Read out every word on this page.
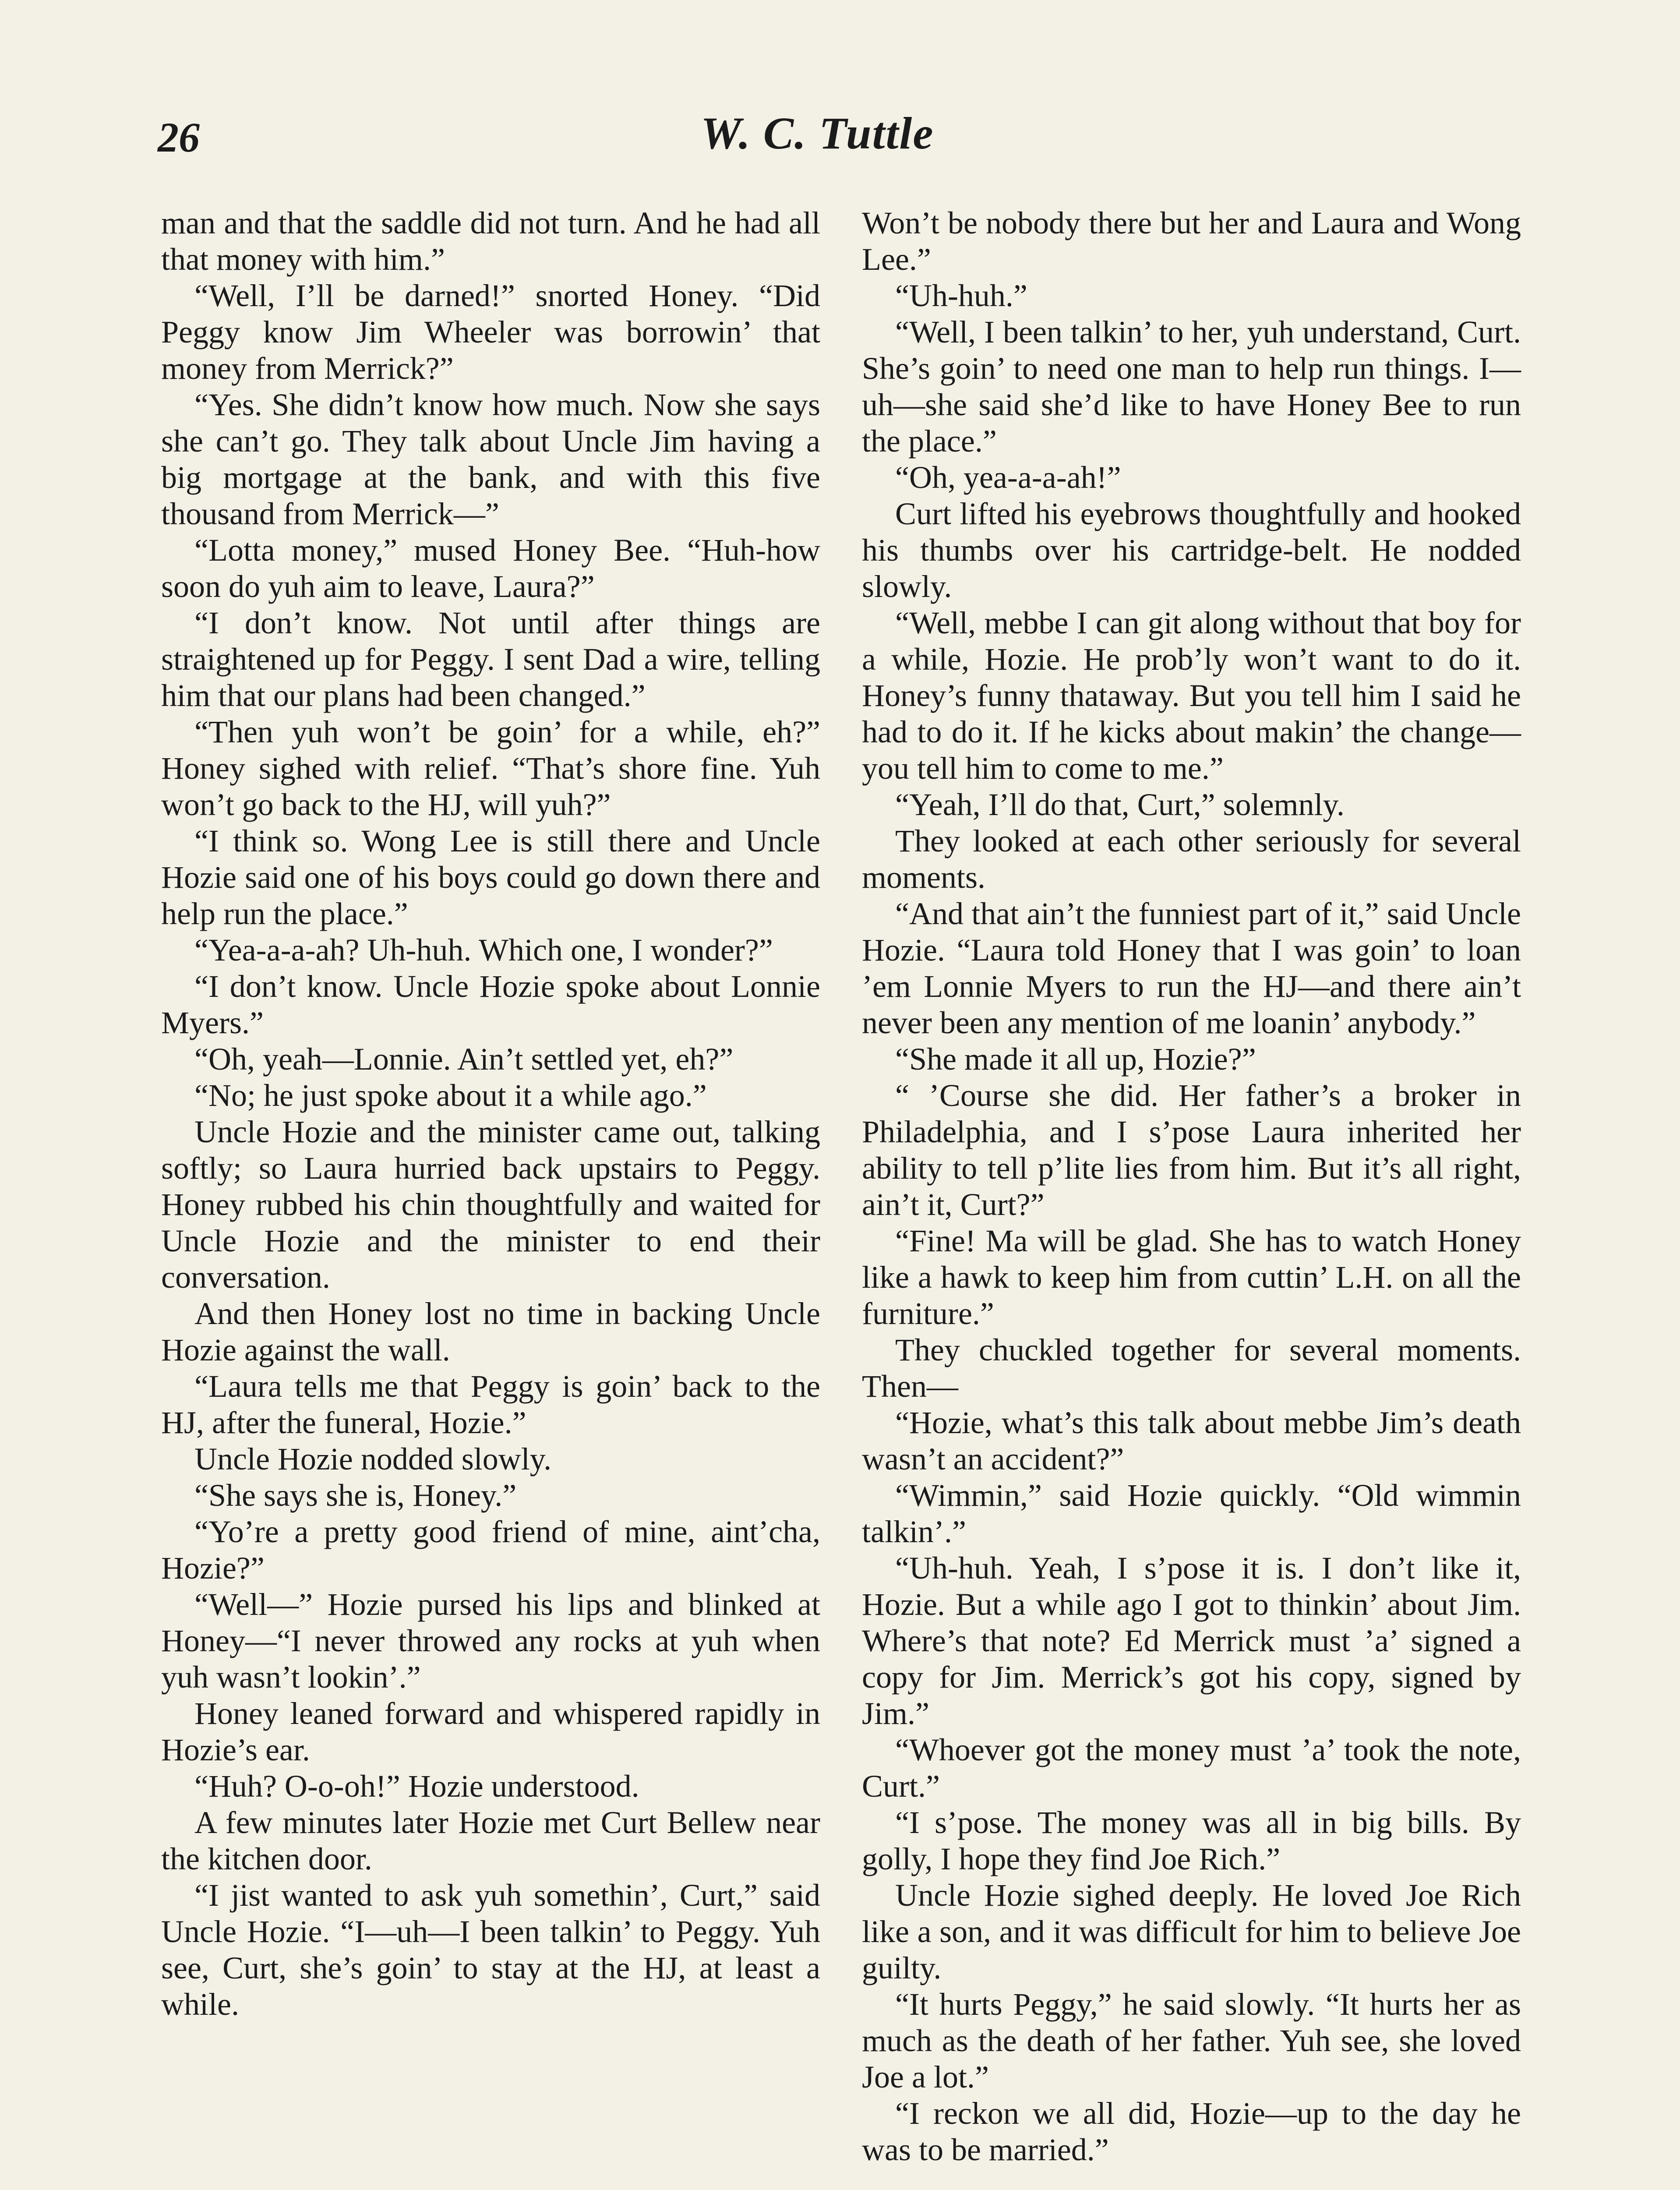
26	W. C. Tuttle

man and that the saddle did not turn. And he had all that money with him.”

“Well, I’ll be darned!” snorted Honey. “Did Peggy know Jim Wheeler was borrowin’ that money from Merrick?”

“Yes. She didn’t know how much. Now she says she can’t go. They talk about Uncle Jim having a big mortgage at the bank, and with this five thousand from Merrick—”

“Lotta money,” mused Honey Bee. “Huh-how soon do yuh aim to leave, Laura?”

“I don’t know. Not until after things are straightened up for Peggy. I sent Dad a wire, telling him that our plans had been changed.”

“Then yuh won’t be goin’ for a while, eh?” Honey sighed with relief. “That’s shore fine. Yuh won’t go back to the HJ, will yuh?”

“I think so. Wong Lee is still there and Uncle Hozie said one of his boys could go down there and help run the place.”

“Yea-a-a-ah? Uh-huh. Which one, I wonder?”

“I don’t know. Uncle Hozie spoke about Lonnie Myers.”

“Oh, yeah—Lonnie. Ain’t settled yet, eh?”

“No; he just spoke about it a while ago.”

Uncle Hozie and the minister came out, talking softly; so Laura hurried back upstairs to Peggy. Honey rubbed his chin thoughtfully and waited for Uncle Hozie and the minister to end their conversation.

And then Honey lost no time in backing Uncle Hozie against the wall.

“Laura tells me that Peggy is goin’ back to the HJ, after the funeral, Hozie.”

Uncle Hozie nodded slowly.

“She says she is, Honey.”

“Yo’re a pretty good friend of mine, aint’cha, Hozie?”

“Well—” Hozie pursed his lips and blinked at Honey—“I never throwed any rocks at yuh when yuh wasn’t lookin’.”

Honey leaned forward and whispered rapidly in Hozie’s ear.

“Huh? O-o-oh!” Hozie understood.

A few minutes later Hozie met Curt Bellew near the kitchen door.

“I jist wanted to ask yuh somethin’, Curt,” said Uncle Hozie. “I—uh—I been talkin’ to Peggy. Yuh see, Curt, she’s goin’ to stay at the HJ, at least a while.

Won’t be nobody there but her and Laura and Wong Lee.”

“Uh-huh.”

“Well, I been talkin’ to her, yuh understand, Curt. She’s goin’ to need one man to help run things. I—uh—she said she’d like to have Honey Bee to run the place.”

“Oh, yea-a-a-ah!”

Curt lifted his eyebrows thoughtfully and hooked his thumbs over his cartridge-belt. He nodded slowly.

“Well, mebbe I can git along without that boy for a while, Hozie. He prob’ly won’t want to do it. Honey’s funny thataway. But you tell him I said he had to do it. If he kicks about makin’ the change—you tell him to come to me.”

“Yeah, I’ll do that, Curt,” solemnly.

They looked at each other seriously for several moments.

“And that ain’t the funniest part of it,” said Uncle Hozie. “Laura told Honey that I was goin’ to loan ’em Lonnie Myers to run the HJ—and there ain’t never been any mention of me loanin’ anybody.”

“She made it all up, Hozie?”

“ ’Course she did. Her father’s a broker in Philadelphia, and I s’pose Laura inherited her ability to tell p’lite lies from him. But it’s all right, ain’t it, Curt?”

“Fine! Ma will be glad. She has to watch Honey like a hawk to keep him from cuttin’ L.H. on all the furniture.”

They chuckled together for several moments. Then—

“Hozie, what’s this talk about mebbe Jim’s death wasn’t an accident?”

“Wimmin,” said Hozie quickly. “Old wimmin talkin’.”

“Uh-huh. Yeah, I s’pose it is. I don’t like it, Hozie. But a while ago I got to thinkin’ about Jim. Where’s that note? Ed Merrick must ’a’ signed a copy for Jim. Merrick’s got his copy, signed by Jim.”

“Whoever got the money must ’a’ took the note, Curt.”

“I s’pose. The money was all in big bills. By golly, I hope they find Joe Rich.”

Uncle Hozie sighed deeply. He loved Joe Rich like a son, and it was difficult for him to believe Joe guilty.

“It hurts Peggy,” he said slowly. “It hurts her as much as the death of her father. Yuh see, she loved Joe a lot.”

“I reckon we all did, Hozie—up to the day he was to be married.”
